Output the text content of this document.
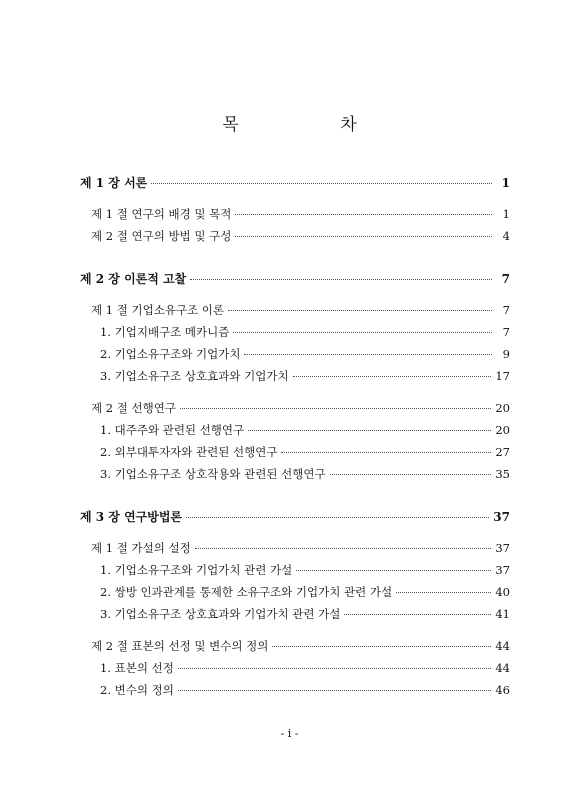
목 차
제 1 장 서론	1
제 1 절 연구의 배경 및 목적	1
제 2 절 연구의 방법 및 구성	4
제 2 장 이론적 고찰	7
제 1 절 기업소유구조 이론	7
1. 기업지배구조 메카니즘	7
2. 기업소유구조와 기업가치	9
3. 기업소유구조 상호효과와 기업가치	17
제 2 절 선행연구	20
1. 대주주와 관련된 선행연구	20
2. 외부대투자자와 관련된 선행연구	27
3. 기업소유구조 상호작용와 관련된 선행연구	35
제 3 장 연구방법론	37
제 1 절 가설의 설정	37
1. 기업소유구조와 기업가치 관련 가설	37
2. 쌍방 인과관계를 통제한 소유구조와 기업가치 관련 가설	40
3. 기업소유구조 상호효과와 기업가치 관련 가설	41
제 2 절 표본의 선정 및 변수의 정의	44
1. 표본의 선정	44
2. 변수의 정의	46
- i -
